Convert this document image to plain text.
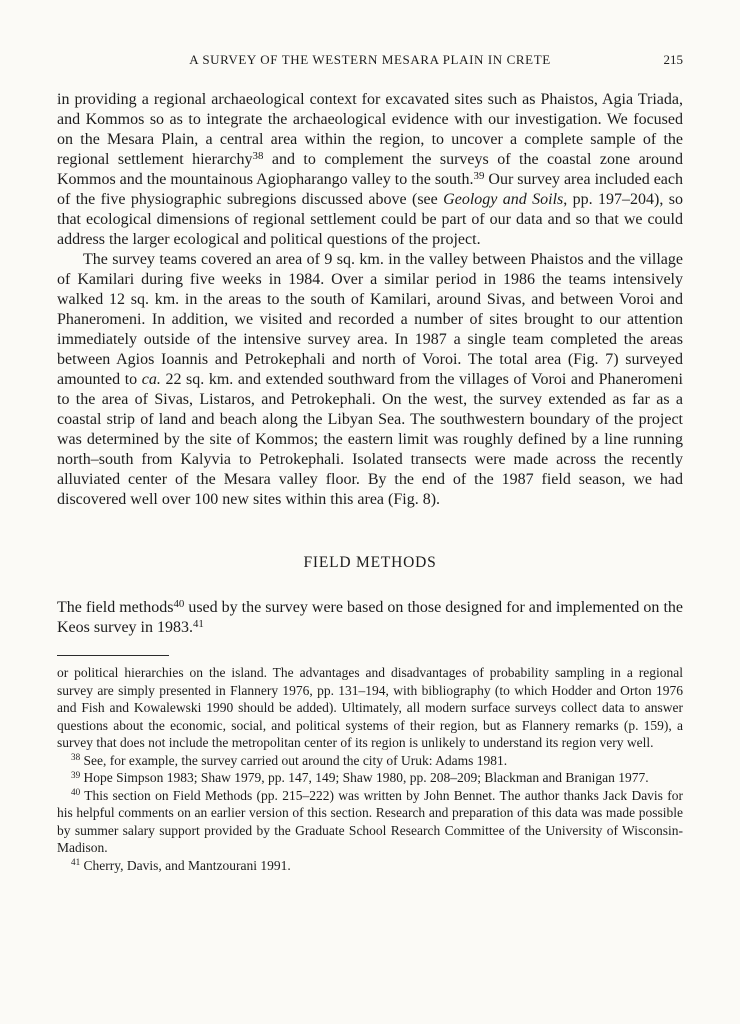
A SURVEY OF THE WESTERN MESARA PLAIN IN CRETE	215

in providing a regional archaeological context for excavated sites such as Phaistos, Agia Triada, and Kommos so as to integrate the archaeological evidence with our investigation. We focused on the Mesara Plain, a central area within the region, to uncover a complete sample of the regional settlement hierarchy$^{38}$ and to complement the surveys of the coastal zone around Kommos and the mountainous Agiopharango valley to the south.$^{39}$ Our survey area included each of the five physiographic subregions discussed above (see Geology and Soils, pp. 197–204), so that ecological dimensions of regional settlement could be part of our data and so that we could address the larger ecological and political questions of the project.

The survey teams covered an area of 9 sq. km. in the valley between Phaistos and the village of Kamilari during five weeks in 1984. Over a similar period in 1986 the teams intensively walked 12 sq. km. in the areas to the south of Kamilari, around Sivas, and between Voroi and Phaneromeni. In addition, we visited and recorded a number of sites brought to our attention immediately outside of the intensive survey area. In 1987 a single team completed the areas between Agios Ioannis and Petrokephali and north of Voroi. The total area (Fig. 7) surveyed amounted to ca. 22 sq. km. and extended southward from the villages of Voroi and Phaneromeni to the area of Sivas, Listaros, and Petrokephali. On the west, the survey extended as far as a coastal strip of land and beach along the Libyan Sea. The southwestern boundary of the project was determined by the site of Kommos; the eastern limit was roughly defined by a line running north–south from Kalyvia to Petrokephali. Isolated transects were made across the recently alluviated center of the Mesara valley floor. By the end of the 1987 field season, we had discovered well over 100 new sites within this area (Fig. 8).

FIELD METHODS

The field methods$^{40}$ used by the survey were based on those designed for and implemented on the Keos survey in 1983.41

or political hierarchies on the island. The advantages and disadvantages of probability sampling in a regional survey are simply presented in Flannery 1976, pp. 131–194, with bibliography (to which Hodder and Orton 1976 and Fish and Kowalewski 1990 should be added). Ultimately, all modern surface surveys collect data to answer questions about the economic, social, and political systems of their region, but as Flannery remarks (p. 159), a survey that does not include the metropolitan center of its region is unlikely to understand its region very well.

$^{38}$ See, for example, the survey carried out around the city of Uruk: Adams 1981.

$^{39}$ Hope Simpson 1983; Shaw 1979, pp. 147, 149; Shaw 1980, pp. 208–209; Blackman and Branigan 1977.

$^{40}$ This section on Field Methods (pp. 215–222) was written by John Bennet. The author thanks Jack Davis for his helpful comments on an earlier version of this section. Research and preparation of this data was made possible by summer salary support provided by the Graduate School Research Committee of the University of Wisconsin-Madison.

$^{41}$ Cherry, Davis, and Mantzourani 1991.
